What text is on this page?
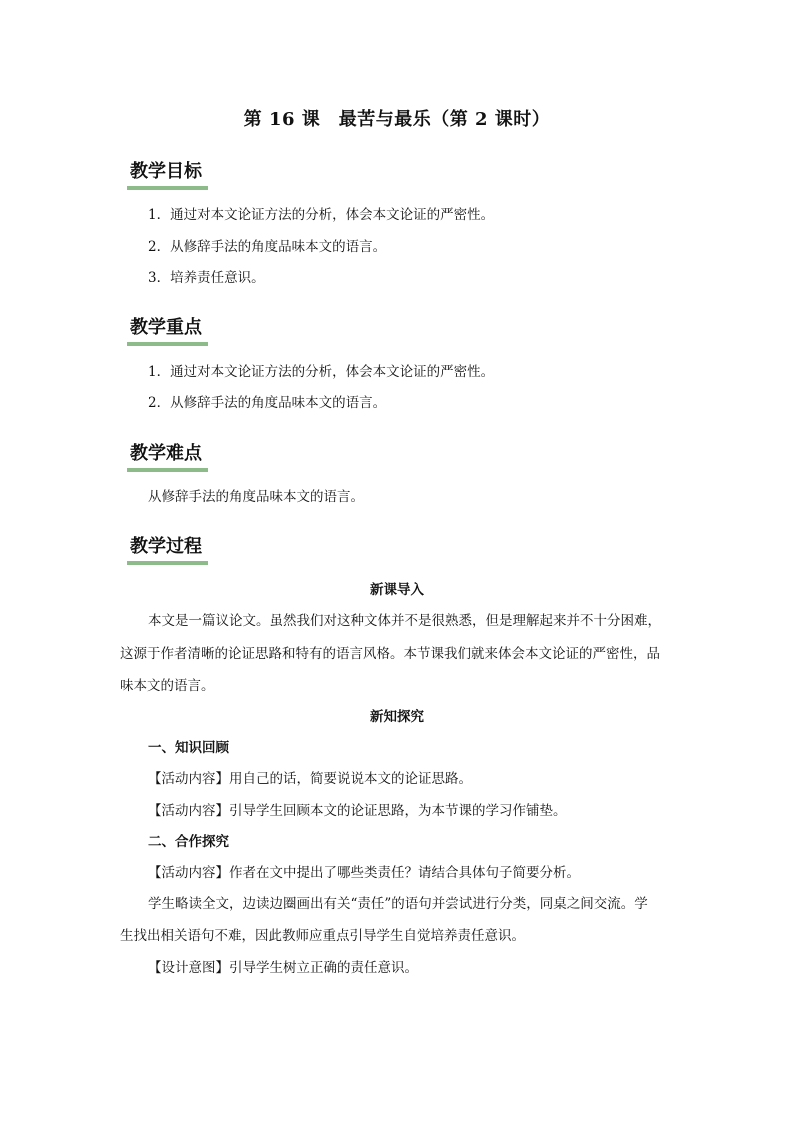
第 16 课　最苦与最乐（第 2 课时）
教学目标
1．通过对本文论证方法的分析，体会本文论证的严密性。
2．从修辞手法的角度品味本文的语言。
3．培养责任意识。
教学重点
1．通过对本文论证方法的分析，体会本文论证的严密性。
2．从修辞手法的角度品味本文的语言。
教学难点
从修辞手法的角度品味本文的语言。
教学过程
新课导入
本文是一篇议论文。虽然我们对这种文体并不是很熟悉，但是理解起来并不十分困难，
这源于作者清晰的论证思路和特有的语言风格。本节课我们就来体会本文论证的严密性，品
味本文的语言。
新知探究
一、知识回顾
【活动内容】用自己的话，简要说说本文的论证思路。
【活动内容】引导学生回顾本文的论证思路，为本节课的学习作铺垫。
二、合作探究
【活动内容】作者在文中提出了哪些类责任？请结合具体句子简要分析。
学生略读全文，边读边圈画出有关“责任”的语句并尝试进行分类，同桌之间交流。学
生找出相关语句不难，因此教师应重点引导学生自觉培养责任意识。
【设计意图】引导学生树立正确的责任意识。
